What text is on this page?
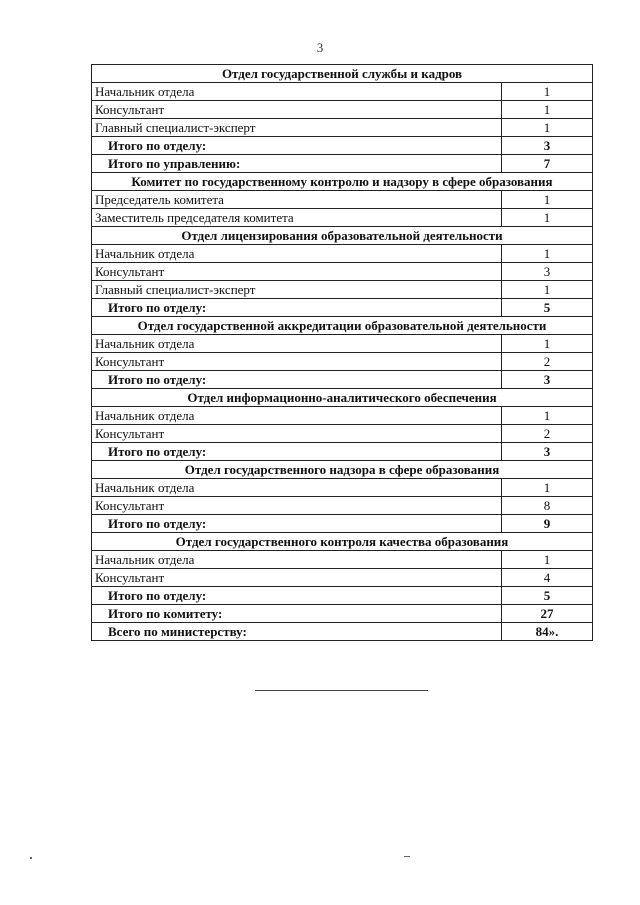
3
Отдел государственной службы и кадров	
Начальник отдела	1
Консультант	1
Главный специалист-эксперт	1
Итого по отделу:	3
Итого по управлению:	7
Комитет по государственному контролю и надзору в сфере образования	
Председатель комитета	1
Заместитель председателя комитета	1
Отдел лицензирования образовательной деятельности	
Начальник отдела	1
Консультант	3
Главный специалист-эксперт	1
Итого по отделу:	5
Отдел государственной аккредитации образовательной деятельности	
Начальник отдела	1
Консультант	2
Итого по отделу:	3
Отдел информационно-аналитического обеспечения	
Начальник отдела	1
Консультант	2
Итого по отделу:	3
Отдел государственного надзора в сфере образования	
Начальник отдела	1
Консультант	8
Итого по отделу:	9
Отдел государственного контроля качества образования	
Начальник отдела	1
Консультант	4
Итого по отделу:	5
Итого по комитету:	27
Всего по министерству:	84».
